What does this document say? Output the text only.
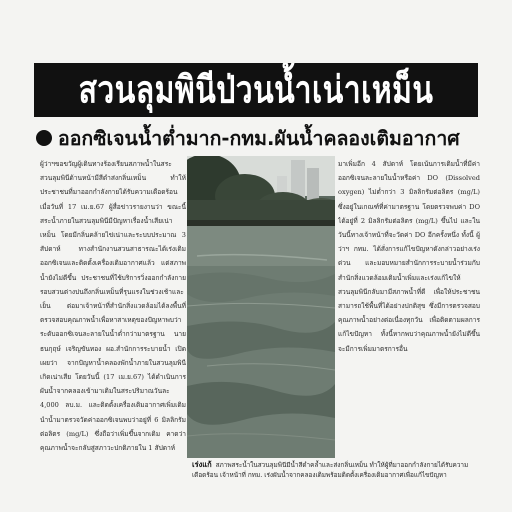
สวนลุมพินีป่วนน้ำเน่าเหม็น
ออกซิเจนน้ำต่ำมาก-กทม.ผันน้ำคลองเติมอากาศ
ผู้ว่าฯขอขวัญผู้เดินทางร้องเรียนสภาพน้ำในสระสวนลุมพินีด้านหน้ามีสีดำส่งกลิ่นเหม็น ทำให้ประชาชนที่มาออกกำลังกายได้รับความเดือดร้อน เมื่อวันที่ 17 เม.ย.67 ผู้สื่อข่าวรายงานว่า ขณะนี้สระน้ำภายในสวนลุมพินีมีปัญหาเรื่องน้ำเสียเน่าเหม็น โดยมีกลิ่นคล้ายไข่เน่าและระบบประมาณ 3 สัปดาห์ ทางสำนักงานสวนสาธารณะได้เร่งเติมออกซิเจนและติดตั้งเครื่องเติมอากาศแล้ว แต่สภาพน้ำยังไม่ดีขึ้น ประชาชนที่ใช้บริการวิ่งออกกำลังกายรอบสวนต่างบ่นถึงกลิ่นเหม็นที่รุนแรงในช่วงเช้าและเย็น ต่อมาเจ้าหน้าที่สำนักสิ่งแวดล้อมได้ลงพื้นที่ตรวจสอบคุณภาพน้ำเพื่อหาสาเหตุของปัญหาพบว่าระดับออกซิเจนละลายในน้ำต่ำกว่ามาตรฐาน นายธนกุฤษ์ เจริญขันทอง ผอ.สำนักการระบายน้ำ เปิดเผยว่า จากปัญหาน้ำคลองพักน้ำภายในสวนลุมพินีเกิดเน่าเสีย โดยวันนี้ (17 เม.ย.67) ได้ดำเนินการผันน้ำจากคลองเข้ามาเติมในสระปริมาณวันละ 4,000 ลบ.ม. และติดตั้งเครื่องเติมอากาศเพิ่มเติม นำน้ำมาตรวจวัดค่าออกซิเจนพบว่าอยู่ที่ 6 มิลลิกรัมต่อลิตร (mg/L) ซึ่งถือว่าเพิ่มขึ้นจากเดิม คาดว่าคุณภาพน้ำจะกลับสู่สภาวะปกติภายใน 1 สัปดาห์
มาเพิ่มอีก 4 สัปดาห์ โดยเน้นการเติมน้ำที่มีค่าออกซิเจนละลายในน้ำหรือค่า DO (Dissolved oxygen) ไม่ต่ำกว่า 3 มิลลิกรัมต่อลิตร (mg/L) ซึ่งอยู่ในเกณฑ์ที่ค่ามาตรฐาน โดยตรวจพบค่า DO ได้อยู่ที่ 2 มิลลิกรัมต่อลิตร (mg/L) ขึ้นไป และในวันนี้ทางเจ้าหน้าที่จะวัดค่า DO อีกครั้งหนึ่ง ทั้งนี้ ผู้ว่าฯ กทม. ได้สั่งการแก้ไขปัญหาดังกล่าวอย่างเร่งด่วน และมอบหมายสำนักการระบายน้ำร่วมกับสำนักสิ่งแวดล้อมเติมน้ำเพิ่มและเร่งแก้ไขให้สวนลุมพินีกลับมามีสภาพน้ำที่ดี เพื่อให้ประชาชนสามารถใช้พื้นที่ได้อย่างปกติสุข ซึ่งมีการตรวจสอบคุณภาพน้ำอย่างต่อเนื่องทุกวัน เพื่อติดตามผลการแก้ไขปัญหา ทั้งนี้หากพบว่าคุณภาพน้ำยังไม่ดีขึ้นจะมีการเพิ่มมาตรการอื่น
เร่งแก้ สภาพสระน้ำในสวนลุมพินีมีน้ำสีดำคล้ำและส่งกลิ่นเหม็น ทำให้ผู้ที่มาออกกำลังกายได้รับความเดือดร้อน เจ้าหน้าที่ กทม. เร่งผันน้ำจากคลองเติมพร้อมติดตั้งเครื่องเติมอากาศเพื่อแก้ไขปัญหา
